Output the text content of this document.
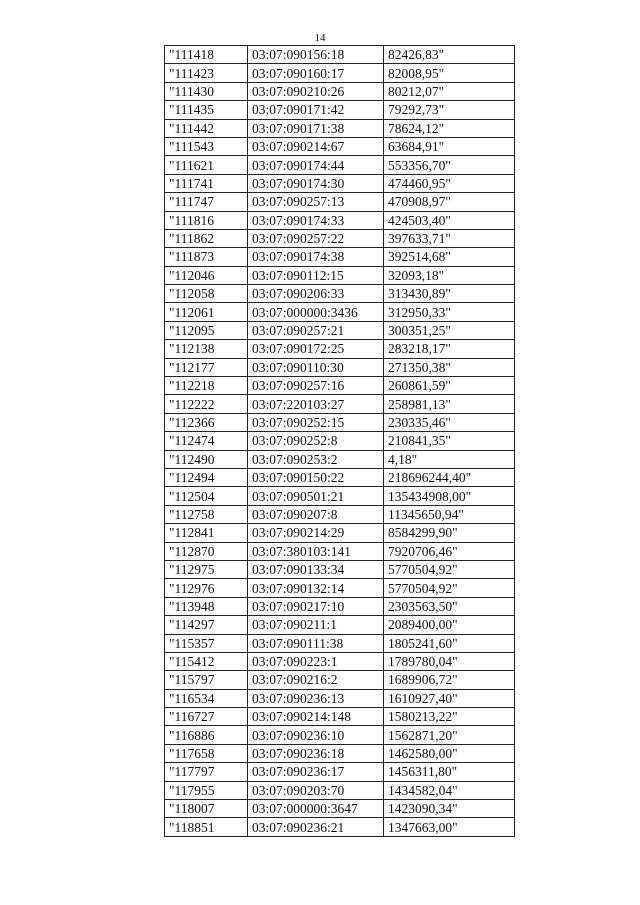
14
"111418	03:07:090156:18	82426,83"
"111423	03:07:090160:17	82008,95"
"111430	03:07:090210:26	80212,07"
"111435	03:07:090171:42	79292,73"
"111442	03:07:090171:38	78624,12"
"111543	03:07:090214:67	63684,91"
"111621	03:07:090174:44	553356,70"
"111741	03:07:090174:30	474460,95"
"111747	03:07:090257:13	470908,97"
"111816	03:07:090174:33	424503,40"
"111862	03:07:090257:22	397633,71"
"111873	03:07:090174:38	392514,68"
"112046	03:07:090112:15	32093,18"
"112058	03:07:090206:33	313430,89"
"112061	03:07:000000:3436	312950,33"
"112095	03:07:090257:21	300351,25"
"112138	03:07:090172:25	283218,17"
"112177	03:07:090110:30	271350,38"
"112218	03:07:090257:16	260861,59"
"112222	03:07:220103:27	258981,13"
"112366	03:07:090252:15	230335,46"
"112474	03:07:090252:8	210841,35"
"112490	03:07:090253:2	4,18"
"112494	03:07:090150:22	218696244,40"
"112504	03:07:090501:21	135434908,00"
"112758	03:07:090207:8	11345650,94"
"112841	03:07:090214:29	8584299,90"
"112870	03:07:380103:141	7920706,46"
"112975	03:07:090133:34	5770504,92"
"112976	03:07:090132:14	5770504,92"
"113948	03:07:090217:10	2303563,50"
"114297	03:07:090211:1	2089400,00"
"115357	03:07:090111:38	1805241,60"
"115412	03:07:090223:1	1789780,04"
"115797	03:07:090216:2	1689906,72"
"116534	03:07:090236:13	1610927,40"
"116727	03:07:090214:148	1580213,22"
"116886	03:07:090236:10	1562871,20"
"117658	03:07:090236:18	1462580,00"
"117797	03:07:090236:17	1456311,80"
"117955	03:07:090203:70	1434582,04"
"118007	03:07:000000:3647	1423090,34"
"118851	03:07:090236:21	1347663,00"
